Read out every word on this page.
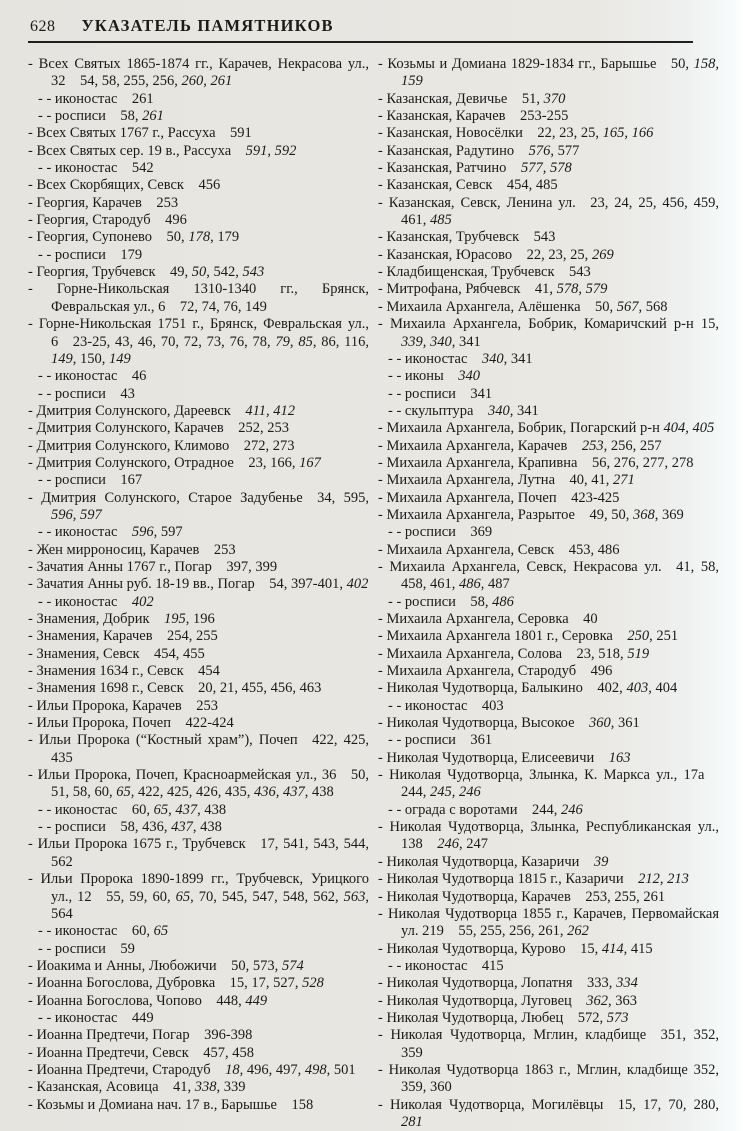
628 УКАЗАТЕЛЬ ПАМЯТНИКОВ
- Всех Святых 1865-1874 гг., Карачев, Некрасова ул., 32 54, 58, 255, 256, 260, 261
- - иконостас 261
- - росписи 58, 261
- Всех Святых 1767 г., Рассуха 591
- Всех Святых сер. 19 в., Рассуха 591, 592
- - иконостас 542
- Всех Скорбящих, Севск 456
- Георгия, Карачев 253
- Георгия, Стародуб 496
- Георгия, Супонево 50, 178, 179
- - росписи 179
- Георгия, Трубчевск 49, 50, 542, 543
- Горне-Никольская 1310-1340 гг., Брянск, Февральская ул., 6 72, 74, 76, 149
- Горне-Никольская 1751 г., Брянск, Февральская ул., 6 23-25, 43, 46, 70, 72, 73, 76, 78, 79, 85, 86, 116, 149, 150, 149
- - иконостас 46
- - росписи 43
- Дмитрия Солунского, Дареевск 411, 412
- Дмитрия Солунского, Карачев 252, 253
- Дмитрия Солунского, Климово 272, 273
- Дмитрия Солунского, Отрадное 23, 166, 167
- - росписи 167
- Дмитрия Солунского, Старое Задубенье 34, 595, 596, 597
- - иконостас 596, 597
- Жен мирроносиц, Карачев 253
- Зачатия Анны 1767 г., Погар 397, 399
- Зачатия Анны руб. 18-19 вв., Погар 54, 397-401, 402
- - иконостас 402
- Знамения, Добрик 195, 196
- Знамения, Карачев 254, 255
- Знамения, Севск 454, 455
- Знамения 1634 г., Севск 454
- Знамения 1698 г., Севск 20, 21, 455, 456, 463
- Ильи Пророка, Карачев 253
- Ильи Пророка, Почеп 422-424
- Ильи Пророка (“Костный храм”), Почеп 422, 425, 435
- Ильи Пророка, Почеп, Красноармейская ул., 36 50, 51, 58, 60, 65, 422, 425, 426, 435, 436, 437, 438
- - иконостас 60, 65, 437, 438
- - росписи 58, 436, 437, 438
- Ильи Пророка 1675 г., Трубчевск 17, 541, 543, 544, 562
- Ильи Пророка 1890-1899 гг., Трубчевск, Урицкого ул., 12 55, 59, 60, 65, 70, 545, 547, 548, 562, 563, 564
- - иконостас 60, 65
- - росписи 59
- Иоакима и Анны, Любожичи 50, 573, 574
- Иоанна Богослова, Дубровка 15, 17, 527, 528
- Иоанна Богослова, Чопово 448, 449
- - иконостас 449
- Иоанна Предтечи, Погар 396-398
- Иоанна Предтечи, Севск 457, 458
- Иоанна Предтечи, Стародуб 18, 496, 497, 498, 501
- Казанская, Асовица 41, 338, 339
- Козьмы и Домиана нач. 17 в., Барышье 158
- Козьмы и Домиана 1829-1834 гг., Барышье 50, 158, 159
- Казанская, Девичье 51, 370
- Казанская, Карачев 253-255
- Казанская, Новосёлки 22, 23, 25, 165, 166
- Казанская, Радутино 576, 577
- Казанская, Ратчино 577, 578
- Казанская, Севск 454, 485
- Казанская, Севск, Ленина ул. 23, 24, 25, 456, 459, 461, 485
- Казанская, Трубчевск 543
- Казанская, Юрасово 22, 23, 25, 269
- Кладбищенская, Трубчевск 543
- Митрофана, Рябчевск 41, 578, 579
- Михаила Архангела, Алёшенка 50, 567, 568
- Михаила Архангела, Бобрик, Комаричский р-н 15, 339, 340, 341
- - иконостас 340, 341
- - иконы 340
- - росписи 341
- - скульптура 340, 341
- Михаила Архангела, Бобрик, Погарский р-н 404, 405
- Михаила Архангела, Карачев 253, 256, 257
- Михаила Архангела, Крапивна 56, 276, 277, 278
- Михаила Архангела, Лутна 40, 41, 271
- Михаила Архангела, Почеп 423-425
- Михаила Архангела, Разрытое 49, 50, 368, 369
- - росписи 369
- Михаила Архангела, Севск 453, 486
- Михаила Архангела, Севск, Некрасова ул. 41, 58, 458, 461, 486, 487
- - росписи 58, 486
- Михаила Архангела, Серовка 40
- Михаила Архангела 1801 г., Серовка 250, 251
- Михаила Архангела, Солова 23, 518, 519
- Михаила Архангела, Стародуб 496
- Николая Чудотворца, Балыкино 402, 403, 404
- - иконостас 403
- Николая Чудотворца, Высокое 360, 361
- - росписи 361
- Николая Чудотворца, Елисеевичи 163
- Николая Чудотворца, Злынка, К. Маркса ул., 17а 244, 245, 246
- - ограда с воротами 244, 246
- Николая Чудотворца, Злынка, Республиканская ул., 138 246, 247
- Николая Чудотворца, Казаричи 39
- Николая Чудотворца 1815 г., Казаричи 212, 213
- Николая Чудотворца, Карачев 253, 255, 261
- Николая Чудотворца 1855 г., Карачев, Первомайская ул. 219 55, 255, 256, 261, 262
- Николая Чудотворца, Курово 15, 414, 415
- - иконостас 415
- Николая Чудотворца, Лопатня 333, 334
- Николая Чудотворца, Луговец 362, 363
- Николая Чудотворца, Любец 572, 573
- Николая Чудотворца, Мглин, кладбище 351, 352, 359
- Николая Чудотворца 1863 г., Мглин, кладбище 352, 359, 360
- Николая Чудотворца, Могилёвцы 15, 17, 70, 280, 281
